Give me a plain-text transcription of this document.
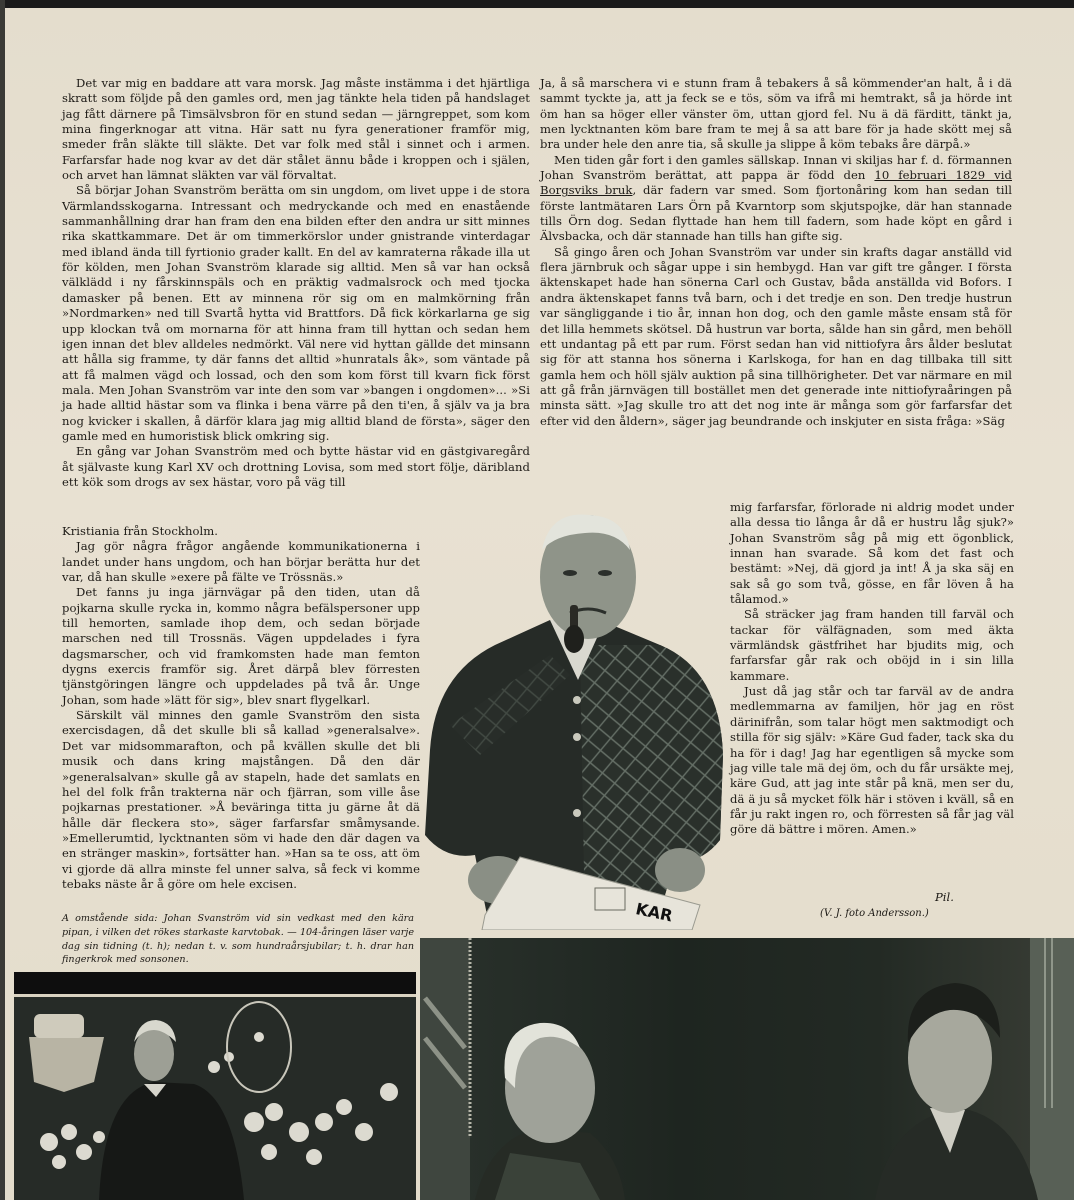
Det var mig en baddare att vara morsk. Jag måste instämma i det hjärtliga skratt som följde på den gamles ord, men jag tänkte hela tiden på handslaget jag fått därnere på Timsälvsbron för en stund sedan — järngreppet, som kom mina fingerknogar att vitna. Här satt nu fyra generationer framför mig, smeder från släkte till släkte. Det var folk med stål i sinnet och i armen. Farfarsfar hade nog kvar av det där stålet ännu både i kroppen och i själen, och arvet han lämnat släkten var väl förvaltat.

Så börjar Johan Svanström berätta om sin ungdom, om livet uppe i de stora Värmlandsskogarna. Intressant och medryckande och med en enastående sammanhållning drar han fram den ena bilden efter den andra ur sitt minnes rika skattkammare. Det är om timmerkörslor under gnistrande vinterdagar med ibland ända till fyrtionio grader kallt. En del av kamraterna råkade illa ut för kölden, men Johan Svanström klarade sig alltid. Men så var han också välklädd i ny fårskinnspäls och en präktig vadmalsrock och med tjocka damasker på benen. Ett av minnena rör sig om en malmkörning från »Nordmarken» ned till Svartå hytta vid Brattfors. Då fick körkarlarna ge sig upp klockan två om mornarna för att hinna fram till hyttan och sedan hem igen innan det blev alldeles nedmörkt. Väl nere vid hyttan gällde det minsann att hålla sig framme, ty där fanns det alltid »hunratals åk», som väntade på att få malmen vägd och lossad, och den som kom först till kvarn fick först mala. Men Johan Svanström var inte den som var »bangen i ongdomen»... »Si ja hade alltid hästar som va flinka i bena värre på den ti'en, å själv va ja bra nog kvicker i skallen, å därför klara jag mig alltid bland de första», säger den gamle med en humoristisk blick omkring sig.

En gång var Johan Svanström med och bytte hästar vid en gästgivaregård åt självaste kung Karl XV och drottning Lovisa, som med stort följe, däribland ett kök som drogs av sex hästar, voro på väg till

Kristiania från Stockholm.

Jag gör några frågor angående kommunikationerna i landet under hans ungdom, och han börjar berätta hur det var, då han skulle »exere på fälte ve Trössnäs.»

Det fanns ju inga järnvägar på den tiden, utan då pojkarna skulle rycka in, kommo några befälspersoner upp till hemorten, samlade ihop dem, och sedan började marschen ned till Trossnäs. Vägen uppdelades i fyra dagsmarscher, och vid framkomsten hade man femton dygns exercis framför sig. Året därpå blev förresten tjänstgöringen längre och uppdelades på två år. Unge Johan, som hade »lätt för sig», blev snart flygelkarl.

Särskilt väl minnes den gamle Svanström den sista exercisdagen, då det skulle bli så kallad »generalsalve». Det var midsommarafton, och på kvällen skulle det bli musik och dans kring majstången. Då den där »generalsalvan» skulle gå av stapeln, hade det samlats en hel del folk från trakterna när och fjärran, som ville åse pojkarnas prestationer. »Å beväringa titta ju gärne åt dä hålle där fleckera sto», säger farfarsfar småmysande. »Emellerumtid, lycktnanten söm vi hade den där dagen va en stränger maskin», fortsätter han. »Han sa te oss, att öm vi gjorde dä allra minste fel unner salva, så feck vi komme tebaks näste år å göre om hele excisen.

Ja, å så marschera vi e stunn fram å tebakers å så kömmender'an halt, å i dä sammt tyckte ja, att ja feck se e tös, söm va ifrå mi hemtrakt, så ja hörde int öm han sa höger eller vänster öm, uttan gjord fel. Nu ä dä färditt, tänkt ja, men lycktnanten köm bare fram te mej å sa att bare för ja hade skött mej så bra under hele den anre tia, så skulle ja slippe å köm tebaks åre därpå.»

Men tiden går fort i den gamles sällskap. Innan vi skiljas har f. d. förmannen Johan Svanström berättat, att pappa är född den 10 februari 1829 vid Borgsviks bruk, där fadern var smed. Som fjortonåring kom han sedan till förste lantmätaren Lars Örn på Kvarntorp som skjutspojke, där han stannade tills Örn dog. Sedan flyttade han hem till fadern, som hade köpt en gård i Älvsbacka, och där stannade han tills han gifte sig.

Så gingo åren och Johan Svanström var under sin krafts dagar anställd vid flera järnbruk och sågar uppe i sin hembygd. Han var gift tre gånger. I första äktenskapet hade han sönerna Carl och Gustav, båda anställda vid Bofors. I andra äktenskapet fanns två barn, och i det tredje en son. Den tredje hustrun var sängliggande i tio år, innan hon dog, och den gamle måste ensam stå för det lilla hemmets skötsel. Då hustrun var borta, sålde han sin gård, men behöll ett undantag på ett par rum. Först sedan han vid nittiofyra års ålder beslutat sig för att stanna hos sönerna i Karlskoga, for han en dag tillbaka till sitt gamla hem och höll själv auktion på sina tillhörigheter. Det var närmare en mil att gå från järnvägen till bostället men det generade inte nittiofyraåringen på minsta sätt. »Jag skulle tro att det nog inte är många som gör farfarsfar det efter vid den åldern», säger jag beundrande och inskjuter en sista fråga: »Säg

mig farfarsfar, förlorade ni aldrig modet under alla dessa tio långa år då er hustru låg sjuk?» Johan Svanström såg på mig ett ögonblick, innan han svarade. Så kom det fast och bestämt: »Nej, dä gjord ja int! Å ja ska säj en sak så go som två, gösse, en får löven å ha tålamod.»

Så sträcker jag fram handen till farväl och tackar för välfägnaden, som med äkta värmländsk gästfrihet har bjudits mig, och farfarsfar går rak och oböjd in i sin lilla kammare.

Just då jag står och tar farväl av de andra medlemmarna av familjen, hör jag en röst därinifrån, som talar högt men saktmodigt och stilla för sig själv: »Käre Gud fader, tack ska du ha för i dag! Jag har egentligen så mycke som jag ville tale mä dej öm, och du får ursäkte mej, käre Gud, att jag inte står på knä, men ser du, dä ä ju så mycket fölk här i stöven i kväll, så en får ju rakt ingen ro, och förresten så får jag väl göre dä bättre i mören. Amen.»

Pil.
(V. J. foto Andersson.)
A omstående sida: Johan Svanström vid sin vedkast med den kära pipan, i vilken det rökes starkaste karvtobak. — 104-åringen läser varje dag sin tidning (t. h); nedan t. v. som hundraårsjubilar; t. h. drar han fingerkrok med sonsonen.
KAR
